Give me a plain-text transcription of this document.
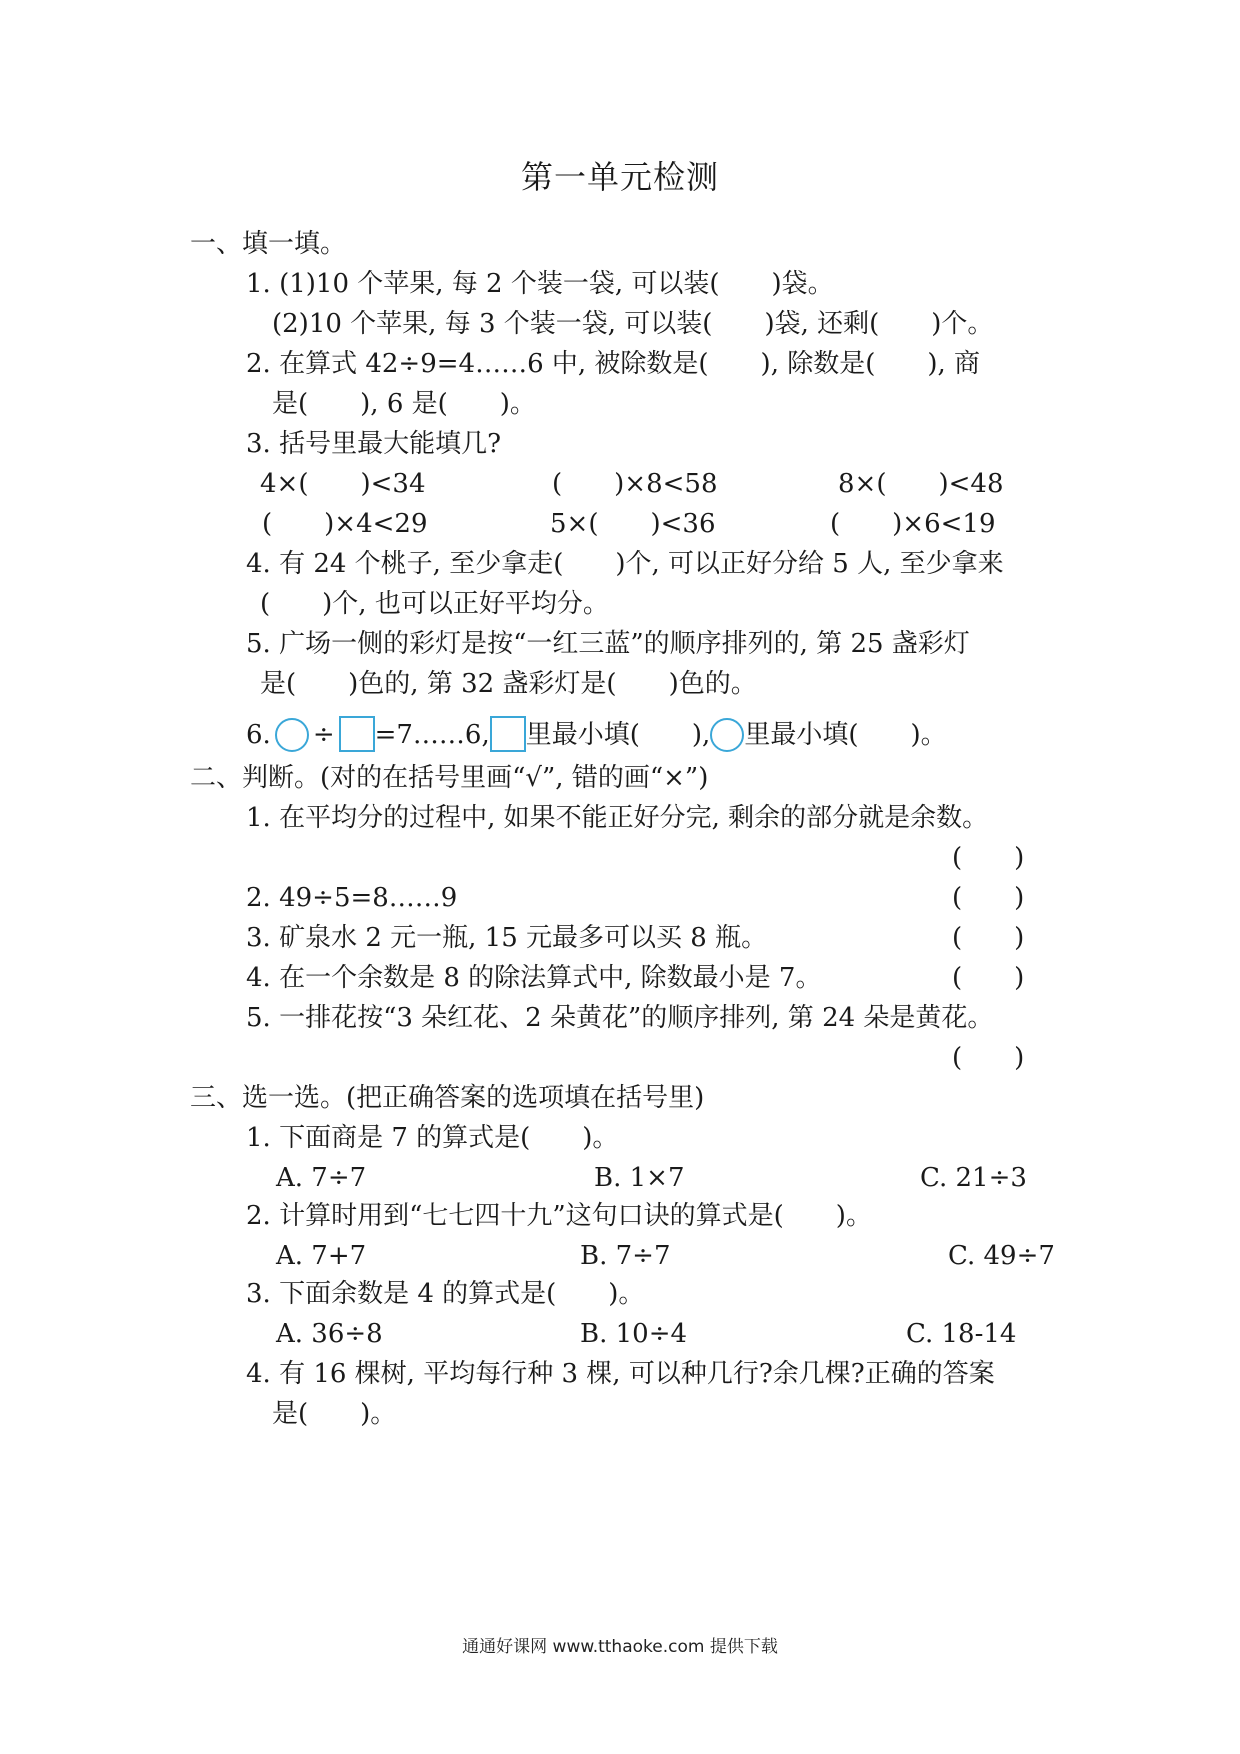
第一单元检测
一、填一填。
1. (1)10 个苹果, 每 2 个装一袋, 可以装(　　)袋。
(2)10 个苹果, 每 3 个装一袋, 可以装(　　)袋, 还剩(　　)个。
2. 在算式 42÷9=4……6 中, 被除数是(　　), 除数是(　　), 商
是(　　), 6 是(　　)。
3. 括号里最大能填几?
4×(　　)<34	(　　)×8<58	8×(　　)<48
(　　)×4<29	5×(　　)<36	(　　)×6<19
4. 有 24 个桃子, 至少拿走(　　)个, 可以正好分给 5 人, 至少拿来
(　　)个, 也可以正好平均分。
5. 广场一侧的彩灯是按“一红三蓝”的顺序排列的, 第 25 盏彩灯
是(　　)色的, 第 32 盏彩灯是(　　)色的。
6. ÷ =7……6, 里最小填(　　), 里最小填(　　)。
二、判断。(对的在括号里画“√”, 错的画“×”)
1. 在平均分的过程中, 如果不能正好分完, 剩余的部分就是余数。
(　　)
2. 49÷5=8……9	(　　)
3. 矿泉水 2 元一瓶, 15 元最多可以买 8 瓶。	(　　)
4. 在一个余数是 8 的除法算式中, 除数最小是 7。	(　　)
5. 一排花按“3 朵红花、2 朵黄花”的顺序排列, 第 24 朵是黄花。
(　　)
三、选一选。(把正确答案的选项填在括号里)
1. 下面商是 7 的算式是(　　)。
A. 7÷7	B. 1×7	C. 21÷3
2. 计算时用到“七七四十九”这句口诀的算式是(　　)。
A. 7+7	B. 7÷7	C. 49÷7
3. 下面余数是 4 的算式是(　　)。
A. 36÷8	B. 10÷4	C. 18-14
4. 有 16 棵树, 平均每行种 3 棵, 可以种几行?余几棵?正确的答案
是(　　)。
通通好课网 www.tthaoke.com 提供下载
